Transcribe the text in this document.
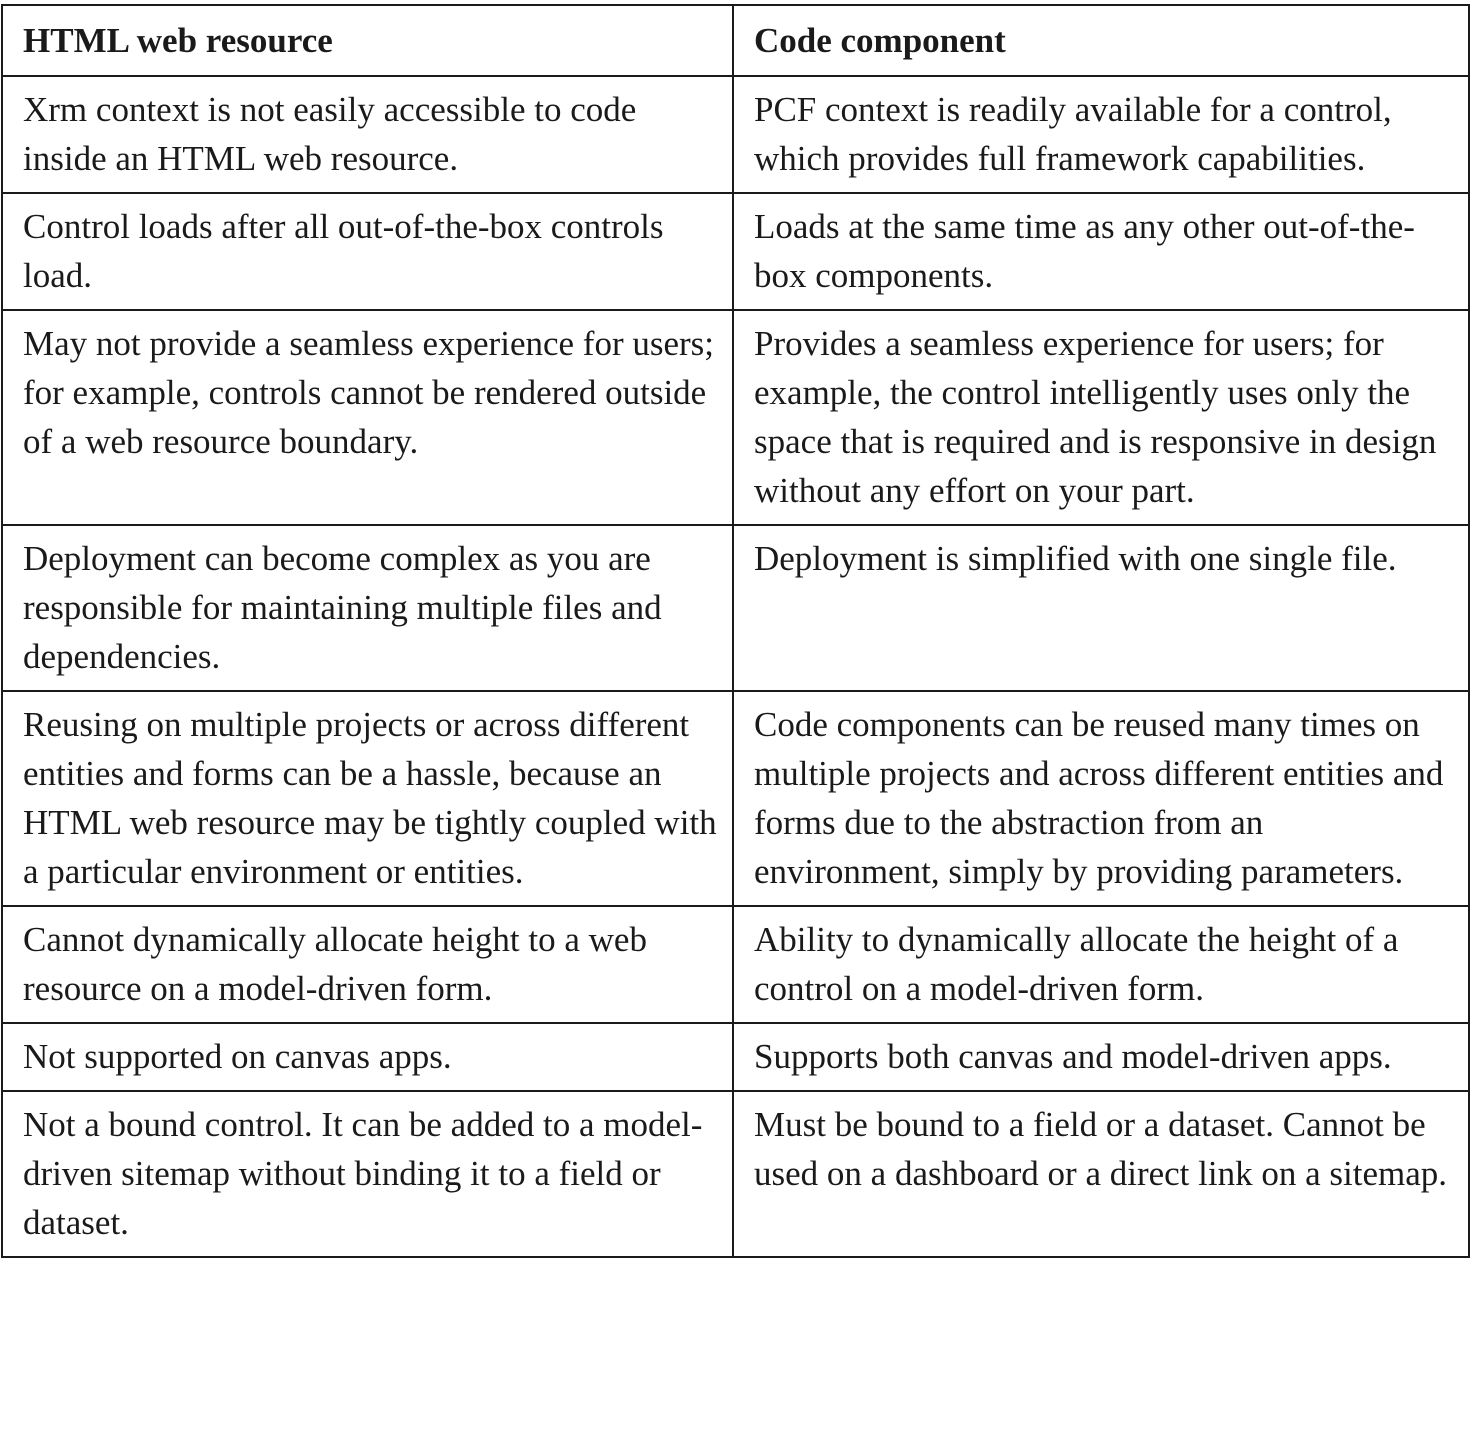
HTML web resource	Code component
Xrm context is not easily accessible to code inside an HTML web resource.	PCF context is readily available for a control, which provides full framework capabilities.
Control loads after all out-of-the-box controls load.	Loads at the same time as any other out-of-the-box components.
May not provide a seamless experience for users; for example, controls cannot be rendered outside of a web resource boundary.	Provides a seamless experience for users; for example, the control intelligently uses only the space that is required and is responsive in design without any effort on your part.
Deployment can become complex as you are responsible for maintaining multiple files and dependencies.	Deployment is simplified with one single file.
Reusing on multiple projects or across different entities and forms can be a hassle, because an HTML web resource may be tightly coupled with a particular environment or entities.	Code components can be reused many times on multiple projects and across different entities and forms due to the abstraction from an environment, simply by providing parameters.
Cannot dynamically allocate height to a web resource on a model-driven form.	Ability to dynamically allocate the height of a control on a model-driven form.
Not supported on canvas apps.	Supports both canvas and model-driven apps.
Not a bound control. It can be added to a model-driven sitemap without binding it to a field or dataset.	Must be bound to a field or a dataset. Cannot be used on a dashboard or a direct link on a sitemap.
